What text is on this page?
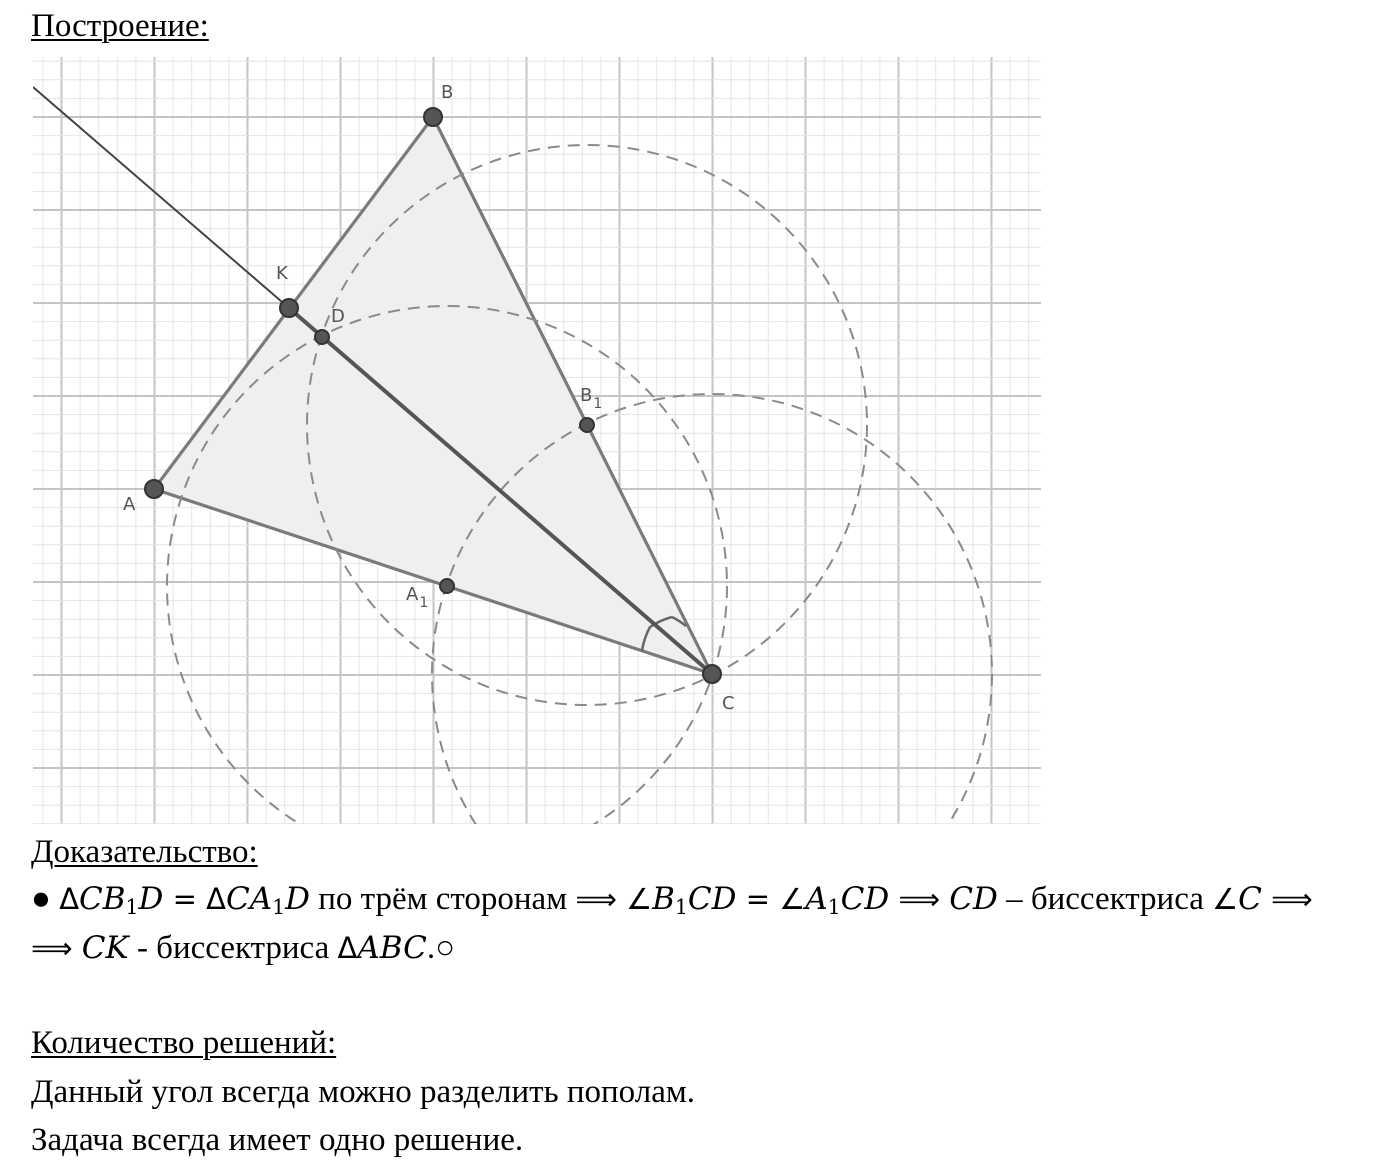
Построение:
B
K
D
$B_1$
A
$A_1$
C
Доказательство:
● $\Delta CB_1D = \Delta CA_1D$ по трём сторонам ⟹ $\angle B_1CD$ = $\angle A_1CD$ ⟹ CD – биссектриса ∠C ⟹
⟹ CK - биссектриса ΔABC.○
Количество решений:
Данный угол всегда можно разделить пополам.
Задача всегда имеет одно решение.
